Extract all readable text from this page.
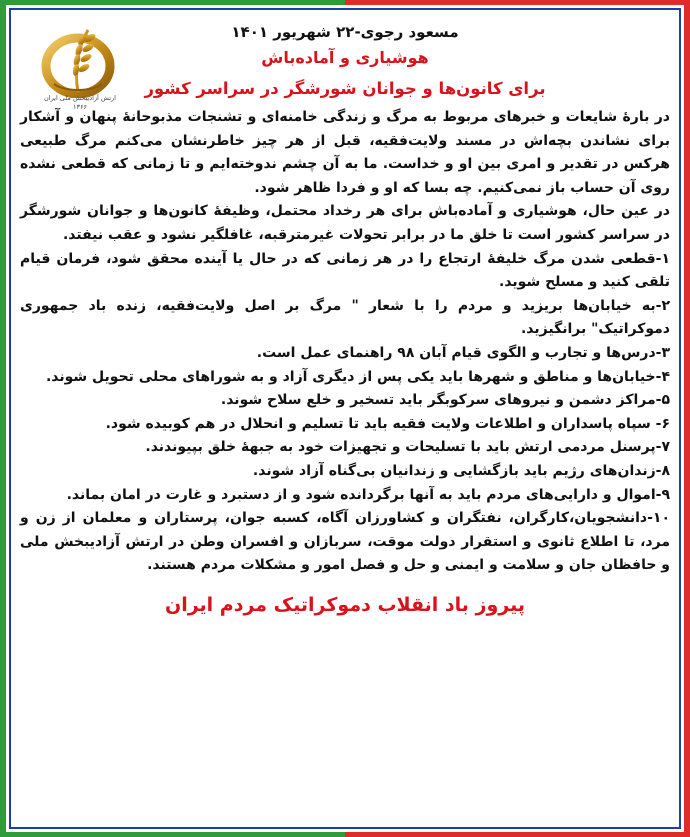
ارتش آزادیبخش ملی ایران
۱۳۶۶
مسعود رجوی-۲۲ شهریور ۱۴۰۱
هوشیاری و آماده‌باش
برای کانون‌ها و جوانان شورشگر در سراسر کشور

در بارهٔ شایعات و خبرهای مربوط به مرگ و زندگی خامنه‌ای و تشنجات مذبوحانهٔ پنهان و آشکار برای نشاندن بچه‌اش در مسند ولایت‌فقیه، قبل از هر چیز خاطرنشان می‌کنم مرگ طبیعی هرکس در تقدیر و امری بین او و خداست. ما به آن چشم ندوخته‌ایم و تا زمانی که قطعی نشده روی آن حساب باز نمی‌کنیم. چه بسا که او و فردا ظاهر شود.

در عین حال، هوشیاری و آماده‌باش برای هر رخداد محتمل، وظیفهٔ کانون‌ها و جوانان شورشگر در سراسر کشور است تا خلق ما در برابر تحولات غیرمترقبه، غافلگیر نشود و عقب نیفتد.

۱-قطعی شدن مرگ خلیفهٔ ارتجاع را در هر زمانی که در حال یا آینده محقق شود، فرمان قیام تلقی کنید و مسلح شوید.

۲-به خیابان‌ها بریزید و مردم را با شعار " مرگ بر اصل ولایت‌فقیه، زنده باد جمهوری دموکراتیک" برانگیزید.

۳-درس‌ها و تجارب و الگوی قیام آبان ۹۸ راهنمای عمل است.

۴-خیابان‌ها و مناطق و شهرها باید یکی پس از دیگری آزاد و به شوراهای محلی تحویل شوند.

۵-مراکز دشمن و نیروهای سرکوبگر باید تسخیر و خلع سلاح شوند.

۶- سپاه پاسداران و اطلاعات ولایت فقیه باید تا تسلیم و انحلال در هم کوبیده شود.

۷-پرسنل مردمی ارتش باید با تسلیحات و تجهیزات خود به جبههٔ خلق بپیوندند.

۸-زندان‌های رژیم باید بازگشایی و زندانیان بی‌گناه آزاد شوند.

۹-اموال و دارایی‌های مردم باید به آنها برگردانده شود و از دستبرد و غارت در امان بماند.

۱۰-دانشجویان،کارگران، نفتگران و کشاورزان آگاه، کسبه جوان، پرستاران و معلمان از زن و مرد، تا اطلاع ثانوی و استقرار دولت موقت، سربازان و افسران وطن در ارتش آزادیبخش ملی و حافظان جان و سلامت و ایمنی و حل و فصل امور و مشکلات مردم هستند.

پیروز باد انقلاب دموکراتیک مردم ایران
